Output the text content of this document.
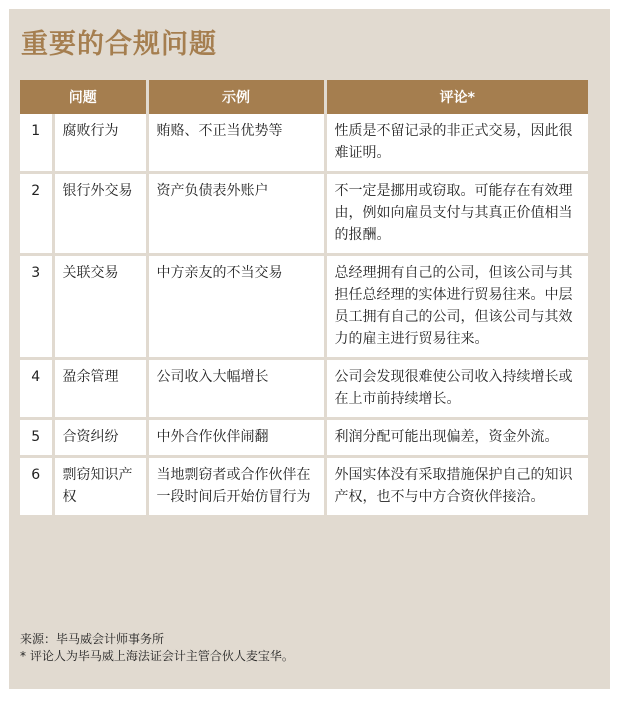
重要的合规问题
问题		示例	评论*
1	腐败行为	贿赂、不正当优势等	性质是不留记录的非正式交易，因此很难证明。
2	银行外交易	资产负债表外账户	不一定是挪用或窃取。可能存在有效理由，例如向雇员支付与其真正价值相当的报酬。
3	关联交易	中方亲友的不当交易	总经理拥有自己的公司，但该公司与其担任总经理的实体进行贸易往来。中层员工拥有自己的公司，但该公司与其效力的雇主进行贸易往来。
4	盈余管理	公司收入大幅增长	公司会发现很难使公司收入持续增长或在上市前持续增长。
5	合资纠纷	中外合作伙伴闹翻	利润分配可能出现偏差，资金外流。
6	剽窃知识产权	当地剽窃者或合作伙伴在一段时间后开始仿冒行为	外国实体没有采取措施保护自己的知识产权，也不与中方合资伙伴接洽。
来源：毕马威会计师事务所
* 评论人为毕马威上海法证会计主管合伙人麦宝华。
